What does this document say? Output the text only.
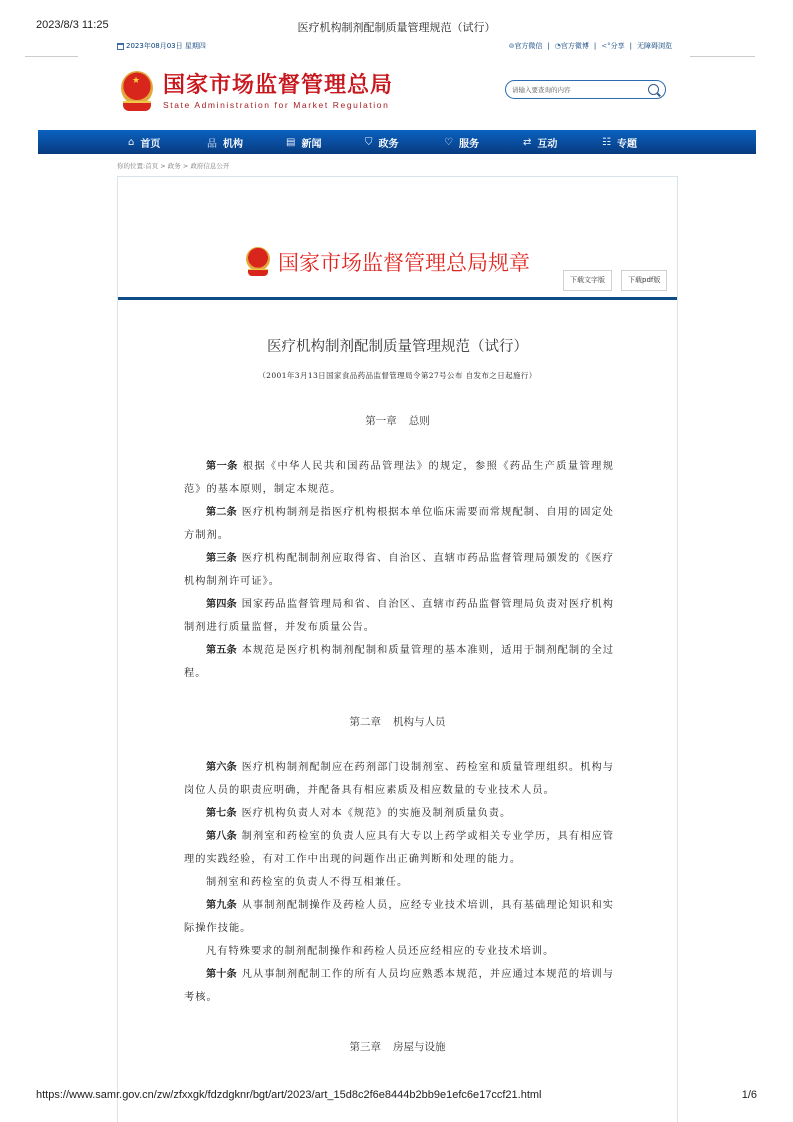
2023/8/3 11:25	医疗机构制剂配制质量管理规范（试行）
2023年08月03日 星期四	⊚官方微信 | ◔官方微博 | <°分享 | 无障碍浏览
★ 国家市场监督管理总局
State Administration for Market Regulation
请输入要查询的内容
⌂ 首页	品 机构	▤ 新闻	⛉ 政务	♡ 服务	⇄ 互动	☷ 专题
你的位置:首页 > 政务 > 政府信息公开
国家市场监督管理总局规章
下载文字版	下载pdf版
医疗机构制剂配制质量管理规范（试行）
（2001年3月13日国家食品药品监督管理局令第27号公布 自发布之日起施行）
第一章 总则
第一条 根据《中华人民共和国药品管理法》的规定，参照《药品生产质量管理规范》的基本原则，制定本规范。
第二条 医疗机构制剂是指医疗机构根据本单位临床需要而常规配制、自用的固定处方制剂。
第三条 医疗机构配制制剂应取得省、自治区、直辖市药品监督管理局颁发的《医疗机构制剂许可证》。
第四条 国家药品监督管理局和省、自治区、直辖市药品监督管理局负责对医疗机构制剂进行质量监督，并发布质量公告。
第五条 本规范是医疗机构制剂配制和质量管理的基本准则，适用于制剂配制的全过程。
第二章 机构与人员
第六条 医疗机构制剂配制应在药剂部门设制剂室、药检室和质量管理组织。机构与岗位人员的职责应明确，并配备具有相应素质及相应数量的专业技术人员。
第七条 医疗机构负责人对本《规范》的实施及制剂质量负责。
第八条 制剂室和药检室的负责人应具有大专以上药学或相关专业学历，具有相应管理的实践经验，有对工作中出现的问题作出正确判断和处理的能力。
制剂室和药检室的负责人不得互相兼任。
第九条 从事制剂配制操作及药检人员，应经专业技术培训，具有基础理论知识和实际操作技能。
凡有特殊要求的制剂配制操作和药检人员还应经相应的专业技术培训。
第十条 凡从事制剂配制工作的所有人员均应熟悉本规范，并应通过本规范的培训与考核。
第三章 房屋与设施
https://www.samr.gov.cn/zw/zfxxgk/fdzdgknr/bgt/art/2023/art_15d8c2f6e8444b2bb9e1efc6e17ccf21.html	1/6
